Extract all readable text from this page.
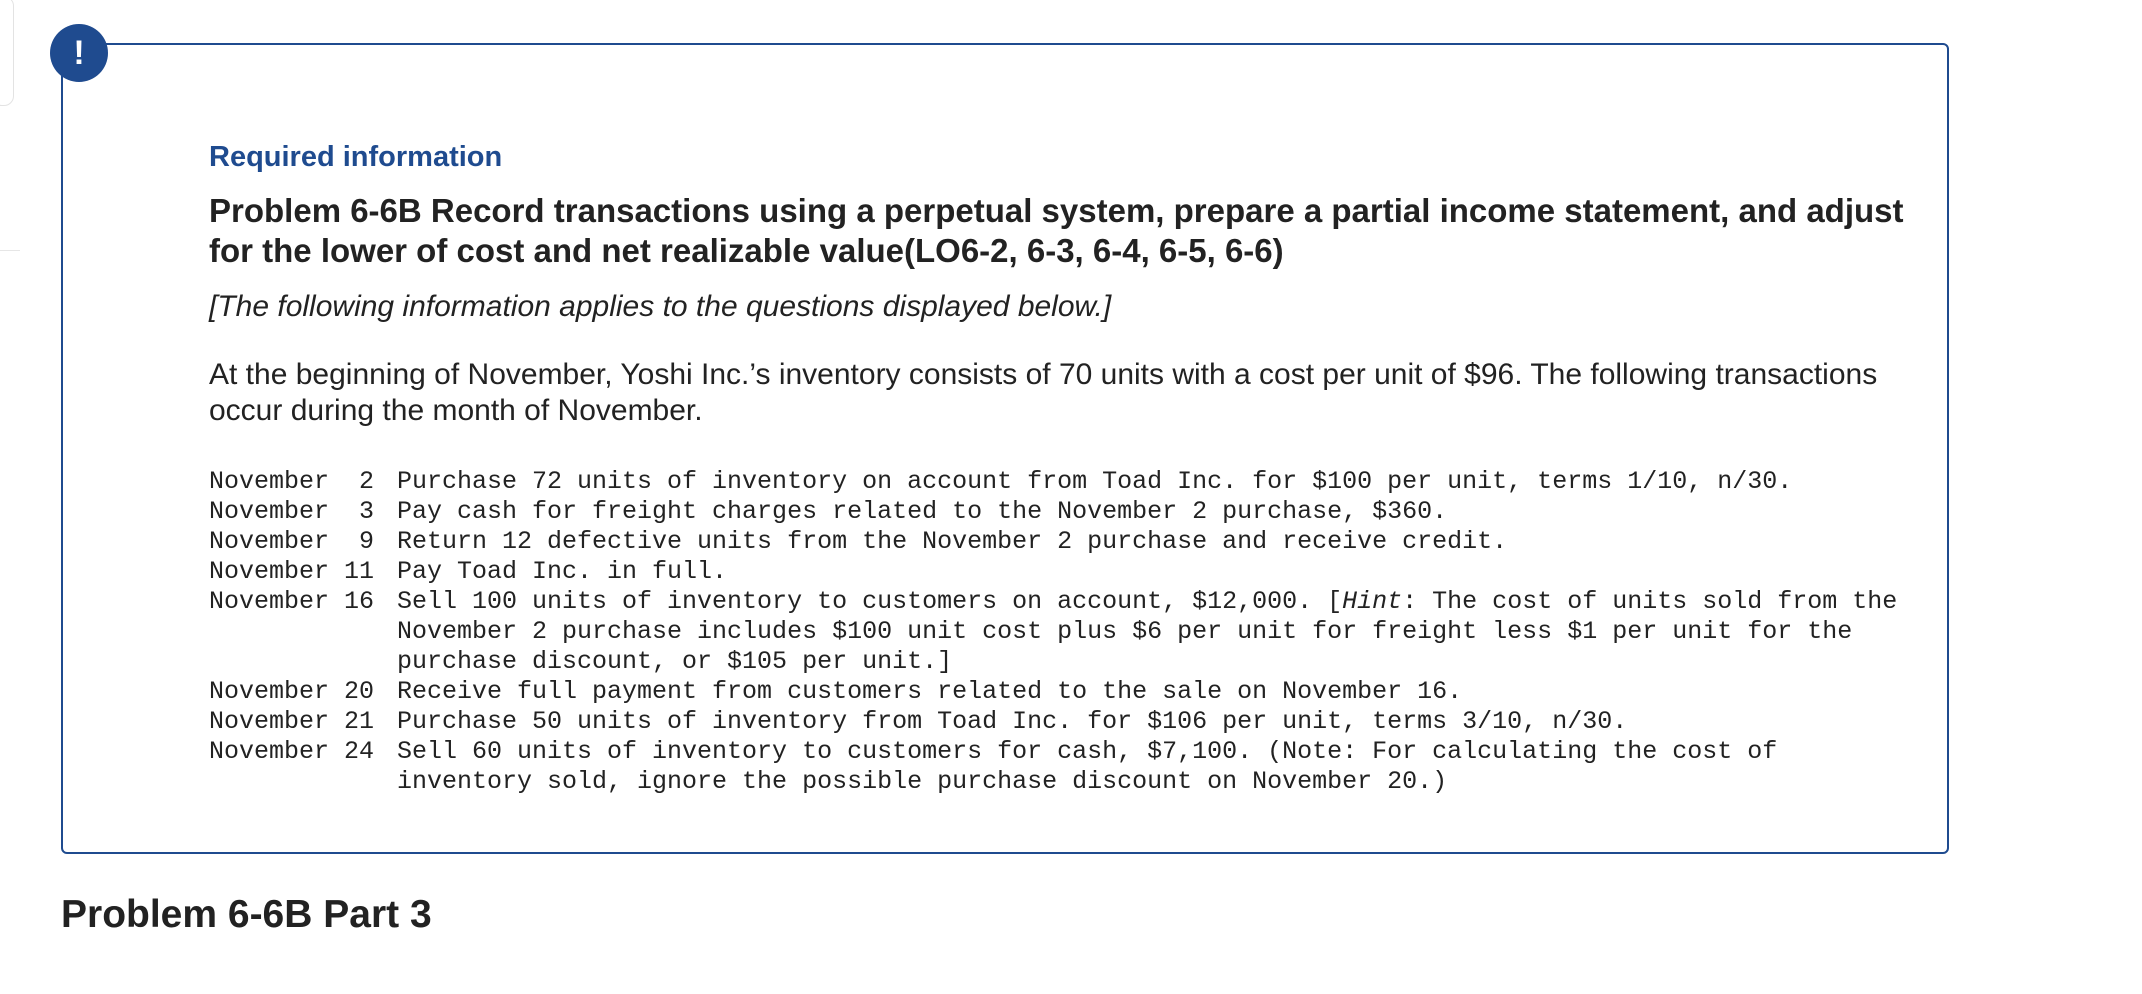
Required information

Problem 6-6B Record transactions using a perpetual system, prepare a partial income statement, and adjust for the lower of cost and net realizable value(LO6-2, 6-3, 6-4, 6-5, 6-6)

[The following information applies to the questions displayed below.]

At the beginning of November, Yoshi Inc.’s inventory consists of 70 units with a cost per unit of $96. The following transactions occur during the month of November.

November  2 Purchase 72 units of inventory on account from Toad Inc. for $100 per unit, terms 1/10, n/30.
November  3 Pay cash for freight charges related to the November 2 purchase, $360.
November  9 Return 12 defective units from the November 2 purchase and receive credit.
November 11 Pay Toad Inc. in full.
November 16 Sell 100 units of inventory to customers on account, $12,000. [Hint: The cost of units sold from the November 2 purchase includes $100 unit cost plus $6 per unit for freight less $1 per unit for the purchase discount, or $105 per unit.]
November 20 Receive full payment from customers related to the sale on November 16.
November 21 Purchase 50 units of inventory from Toad Inc. for $106 per unit, terms 3/10, n/30.
November 24 Sell 60 units of inventory to customers for cash, $7,100. (Note: For calculating the cost of inventory sold, ignore the possible purchase discount on November 20.)
!
Problem 6-6B Part 3
